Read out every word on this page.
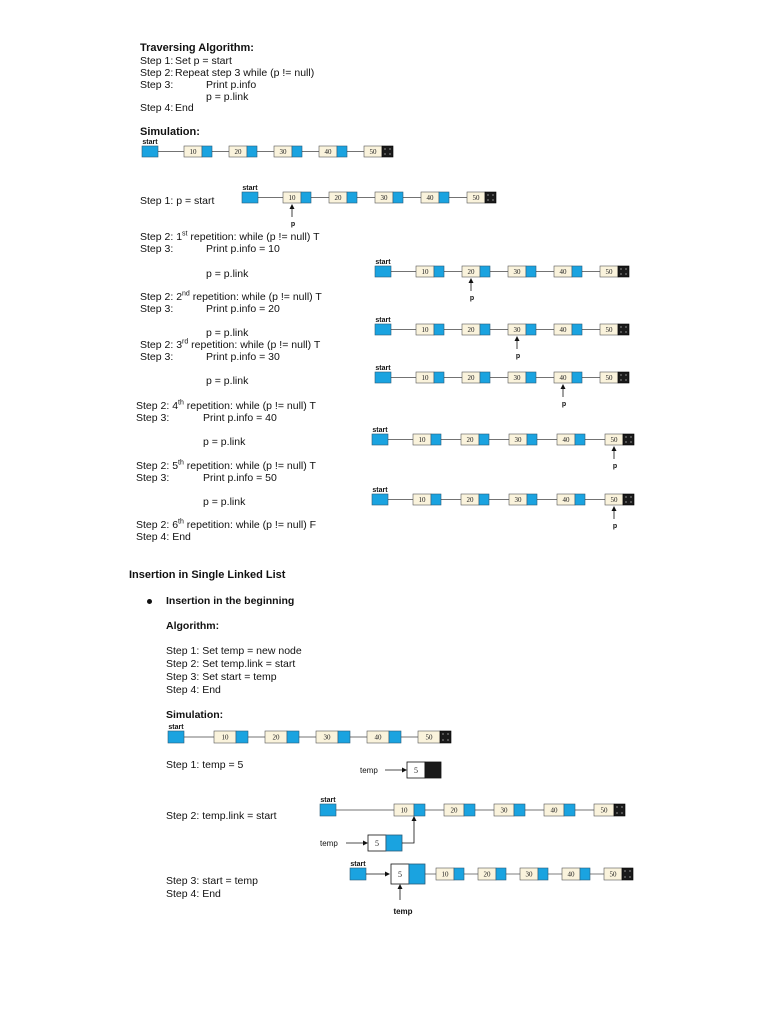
Traversing Algorithm:
Step 1: Set p = start
Step 2: Repeat step 3 while (p != null)
Step 3:	Print p.info
p = p.link
Step 4: End
Simulation:
Step 1: p = start
Step 2: 1st repetition: while (p != null) T
Step 3:	Print p.info = 10
p = p.link
Step 2: 2nd repetition: while (p != null) T
Step 3:	Print p.info = 20
p = p.link
Step 2: 3rd repetition: while (p != null) T
Step 3:	Print p.info = 30
p = p.link
Step 2: 4th repetition: while (p != null) T
Step 3:	Print p.info = 40
p = p.link
Step 2: 5th repetition: while (p != null) T
Step 3:	Print p.info = 50
p = p.link
Step 2: 6th repetition: while (p != null) F
Step 4: End
Insertion in Single Linked List
Insertion in the beginning
Algorithm:
Step 1: Set temp = new node
Step 2: Set temp.link = start
Step 3: Set start = temp
Step 4: End
Simulation:
Step 1: temp = 5
Step 2: temp.link = start
Step 3: start = temp
Step 4: End
start
10	20	30	40	50
start
10	20	30	40	50
p
start
10	20	30	40	50
p
start
10	20	30	40	50
p
start
10	20	30	40	50
p
start
10	20	30	40	50
p
start
10	20	30	40	50
p
start
10	20	30	40	50
temp	5
start
10	20	30	40	50
temp	5
start
5	10	20	30	40	50
temp
